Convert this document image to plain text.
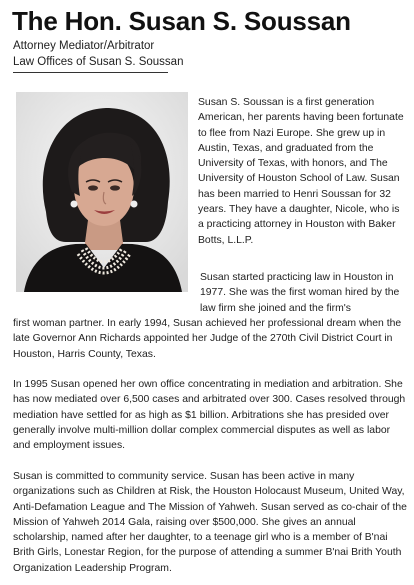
The Hon. Susan S. Soussan
Attorney Mediator/Arbitrator
Law Offices of Susan S. Soussan

Susan S. Soussan is a first generation American, her parents having been fortunate to flee from Nazi Europe. She grew up in Austin, Texas, and graduated from the University of Texas, with honors, and The University of Houston School of Law. Susan has been married to Henri Soussan for 32 years. They have a daughter, Nicole, who is a practicing attorney in Houston with Baker Botts, L.L.P.

Susan started practicing law in Houston in 1977. She was the first woman hired by the law firm she joined and the firm's

first woman partner. In early 1994, Susan achieved her professional dream when the late Governor Ann Richards appointed her Judge of the 270th Civil District Court in Houston, Harris County, Texas.

In 1995 Susan opened her own office concentrating in mediation and arbitration. She has now mediated over 6,500 cases and arbitrated over 300. Cases resolved through mediation have settled for as high as $1 billion. Arbitrations she has presided over generally involve multi-million dollar complex commercial disputes as well as labor and employment issues.

Susan is committed to community service. Susan has been active in many organizations such as Children at Risk, the Houston Holocaust Museum, United Way, Anti-Defamation League and The Mission of Yahweh. Susan served as co-chair of the Mission of Yahweh 2014 Gala, raising over $500,000. She gives an annual scholarship, named after her daughter, to a teenage girl who is a member of B'nai Brith Girls, Lonestar Region, for the purpose of attending a summer B'nai Brith Youth Organization Leadership Program.
